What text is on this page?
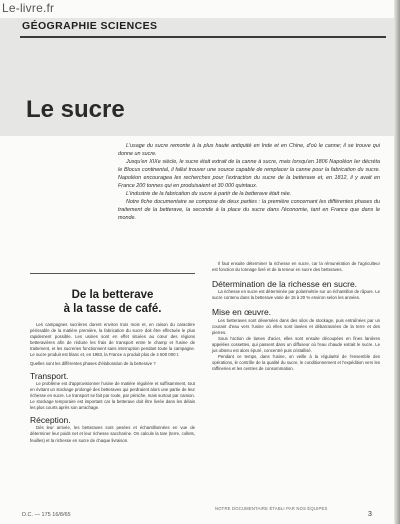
Le-livre.fr
GÉOGRAPHIE SCIENCES
Le sucre

L'usage du sucre remonte à la plus haute antiquité en Inde et en Chine, d'où le canne; il se trouve qui donne un sucre.

Jusqu'en XIXe siècle, le sucre était extrait de la canne à sucre, mais lorsqu'en 1806 Napoléon Ier décréta le Blocus continental, il fallut trouver une source capable de remplacer la canne pour la fabrication du sucre. Napoléon encouragea les recherches pour l'extraction du sucre de la betterave et, en 1812, il y avait en France 200 tonnes qui en produisaient et 30 000 quintaux.

L'industrie de la fabrication du sucre à partir de la betterave était née.

Notre fiche documentaire se compose de deux parties : la première concernant les différentes phases du traitement de la betterave, la seconde à la place du sucre dans l'économie, tant en France que dans le monde.

De la betterave
à la tasse de café.

Les campagnes sucrières durent environ trois mois et, en raison du caractère périssable de la matière première, la fabrication du sucre doit être effectuée le plus rapidement possible. Les usines sont en effet situées au cœur des régions betteravières afin de réduire les frais de transport entre le champ et l'usine de traitement, et les sucreries fonctionnent sans interruption pendant toute la campagne. Le sucre produit est blanc et, en 1963, la France a produit plus de 4 500 000 t.

Quelles sont les différentes phases d'élaboration de la betterave ?

Transport.

Le problème est d'approvisionner l'usine de matière régulière et suffisamment, tout en évitant un stockage prolongé des betteraves qui perdraient alors une partie de leur richesse en sucre. Le transport se fait par route, par péniche, mais surtout par camion. Le stockage temporaire est important car la betterave doit être livrée dans les délais les plus courts après son arrachage.

Réception.

Dès leur arrivée, les betteraves sont pesées et échantillonnées en vue de déterminer leur poids net et leur richesse saccharine. On calcule la tare (terre, collets, feuilles) et la richesse en sucre de chaque livraison.

Il faut ensuite déterminer la richesse en sucre, car la rémunération de l'agriculteur est fonction du tonnage livré et de la teneur en sucre des betteraves.

Détermination de la richesse en sucre.

La richesse en sucre est déterminée par polarimétrie sur un échantillon de râpure. Le sucre contenu dans la betterave varie de 15 à 20 % environ selon les années.

Mise en œuvre.

Les betteraves sont déversées dans des silos de stockage, puis entraînées par un courant d'eau vers l'usine où elles sont lavées et débarrassées de la terre et des pierres.

Sous l'action de lames d'acier, elles sont ensuite découpées en fines lanières appelées cossettes, qui passent dans un diffuseur où l'eau chaude extrait le sucre. Le jus obtenu est alors épuré, concentré puis cristallisé.

Pendant ce temps, dans l'usine, on veille à la régularité de l'ensemble des opérations, le contrôle de la qualité du sucre, le conditionnement et l'expédition vers les raffineries et les centres de consommation.

NOTRE DOCUMENTAIRE ÉTABLI PAR NOS ÉQUIPES
D.C. — 175 16/8/65	3
